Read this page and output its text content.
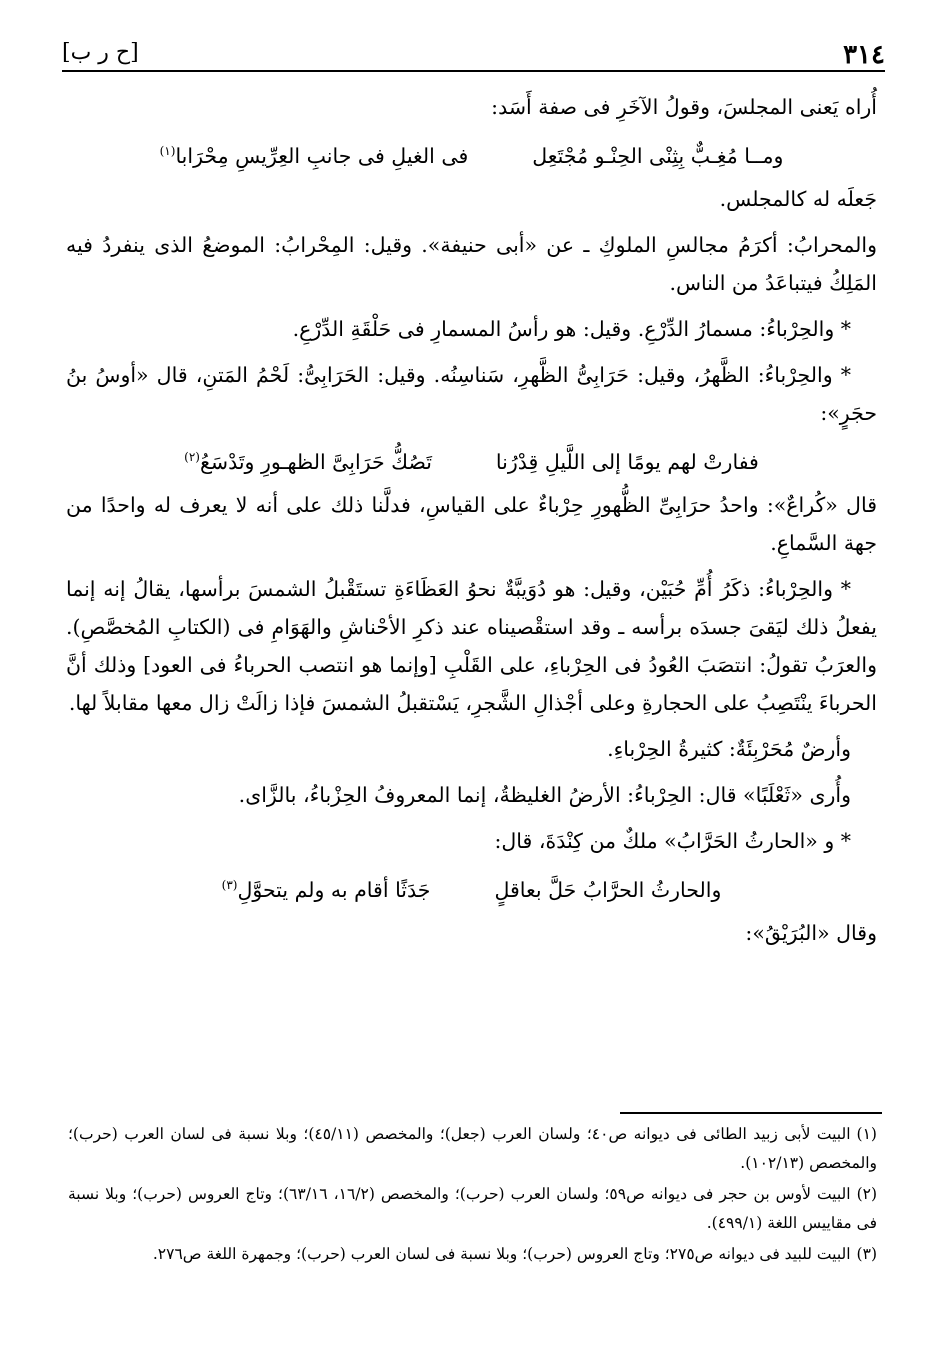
٣١٤
[ح ر ب]

أُراه يَعنى المجلسَ، وقولُ الآخَرِ فى صفة أَسَد:

ومــا مُغِـبٌّ بِثِنْى الحِنْـو مُجْتَعِل
فى الغيلِ فى جانبِ العِرِّيسِ مِحْرَابا$^{(١)}$

جَعلَه له كالمجلس.

والمحرابُ: أكرَمُ مجالسِ الملوكِ ـ عن «أبى حنيفة». وقيل: المِحْرابُ: الموضعُ الذى ينفردُ فيه المَلِكُ فيتباعَدُ من الناس.

* والحِرْباءُ: مسمارُ الدِّرْعِ. وقيل: هو رأسُ المسمارِ فى حَلْقَةِ الدِّرْعِ.

* والحِرْباءُ: الظَّهرُ، وقيل: حَرَابِىُّ الظَّهرِ، سَناسِنُه. وقيل: الحَرَابِىُّ: لَحْمُ المَتنِ، قال «أوسُ بنُ حجَرٍ»:

ففارتْ لهم يومًا إلى اللَّيلِ قِدْرُنا
تَصُكُّ حَرَابِىَّ الظهـورِ وتَدْسَعُ$^{(٢)}$

قال «كُراعٌ»: واحدُ حرَابِىِّ الظُّهورِ حِرْباءٌ على القياسِ، فدلَّنا ذلك على أنه لا يعرف له واحدًا من جهة السَّماعِ.

* والحِرْباءُ: ذكَرُ أُمِّ حُبَيْن، وقيل: هو دُوَيبَّةٌ نحوُ العَظَاءَةِ تستَقْبلُ الشمسَ برأسها، يقالُ إنه إنما يفعلُ ذلك ليَقىَ جسدَه برأسه ـ وقد استقْصيناه عند ذكرِ الأحْناشِ والهَوَامِ فى (الكتابِ المُخصَّصِ). والعرَبُ تقولُ: انتصَبَ العُودُ فى الحِرْباءِ، على القَلْبِ [وإنما هو انتصب الحرباءُ فى العود] وذلك أنَّ الحرباءَ ينْتَصِبُ على الحجارةِ وعلى أجْذالِ الشَّجرِ، يَسْتقبلُ الشمسَ فإذا زالَتْ زال معها مقابلاً لها.

وأرضٌ مُحَرْبِئَةٌ: كثيرةُ الحِرْباءِ.

وأُرى «ثَعْلَبًا» قال: الحِرْباءُ: الأرضُ الغليظةُ، إنما المعروفُ الحِزْباءُ، بالزَّاى.

* و «الحارثُ الحَرَّابُ» ملكٌ من كِنْدَةَ، قال:

والحارثُ الحرَّابُ حَلَّ بعاقلٍ
جَدَثًا أقام به ولم يتحوَّلِ$^{(٣)}$

وقال «البُرَيْقُ»:

(١)البيت لأبى زبيد الطائى فى ديوانه ص٤٠؛ ولسان العرب (جعل)؛ والمخصص (٤٥/١١)؛ وبلا نسبة فى لسان العرب (حرب)؛ والمخصص (١٠٢/١٣).

(٢)البيت لأوس بن حجر فى ديوانه ص٥٩؛ ولسان العرب (حرب)؛ والمخصص (١٦/٢، ٦٣/١٦)؛ وتاج العروس (حرب)؛ وبلا نسبة فى مقاييس اللغة (٤٩٩/١).

(٣)البيت للبيد فى ديوانه ص٢٧٥؛ وتاج العروس (حرب)؛ وبلا نسبة فى لسان العرب (حرب)؛ وجمهرة اللغة ص٢٧٦.
